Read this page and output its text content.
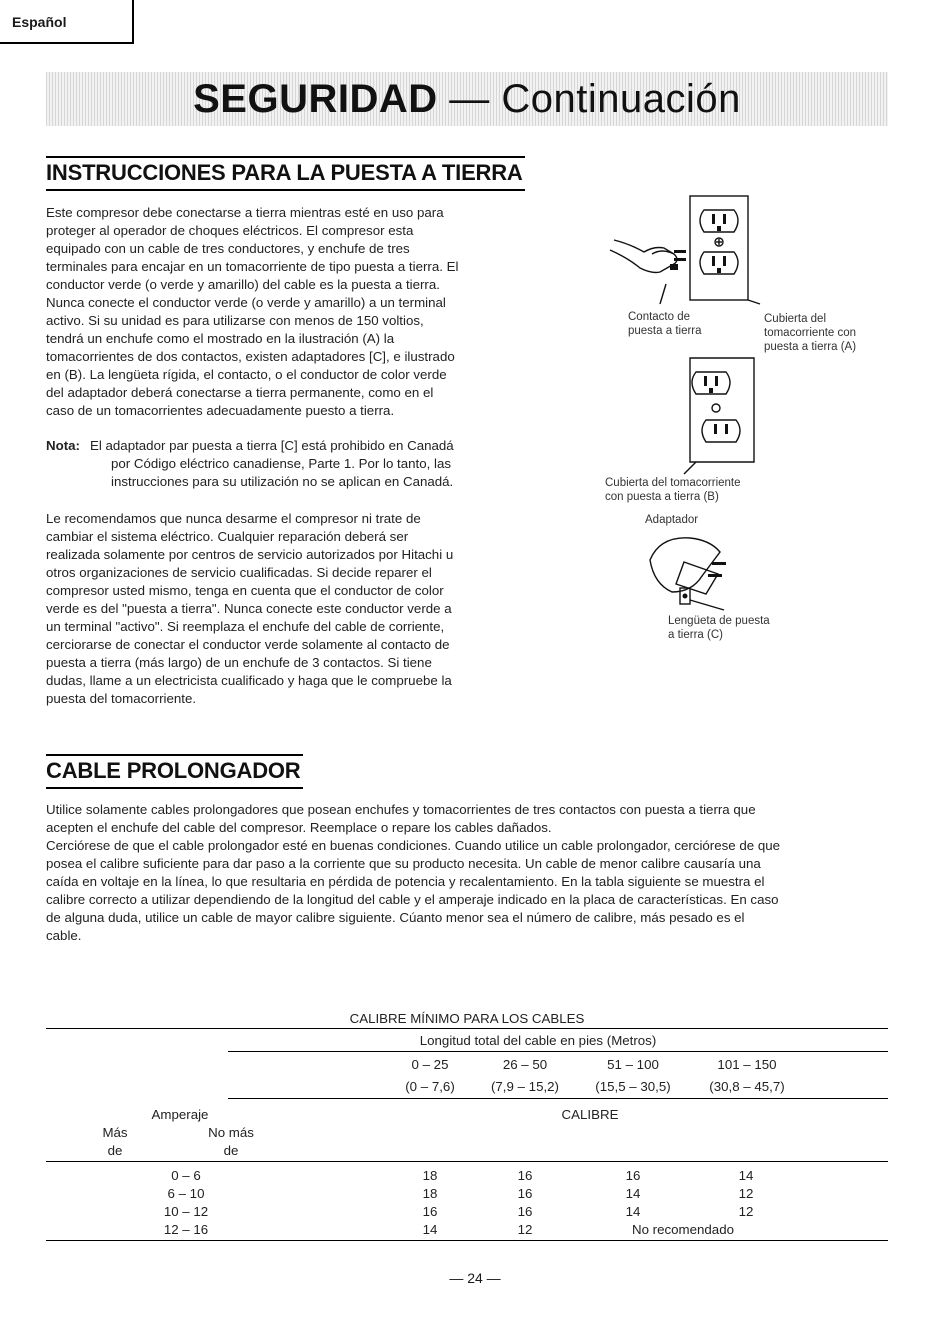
Español
SEGURIDAD — Continuación
INSTRUCCIONES PARA LA PUESTA A TIERRA
Este compresor debe conectarse a tierra mientras esté en uso para
proteger al operador de choques eléctricos. El compresor esta
equipado con un cable de tres conductores, y enchufe de tres
terminales para encajar en un tomacorriente de tipo puesta a tierra. El
conductor verde (o verde y amarillo) del cable es la puesta a tierra.
Nunca conecte el conductor verde (o verde y amarillo) a un terminal
activo. Si su unidad es para utilizarse con menos de 150 voltios,
tendrá un enchufe como el mostrado en la ilustración (A) la
tomacorrientes de dos contactos, existen adaptadores [C], e ilustrado
en (B). La lengüeta rígida, el contacto, o el conductor de color verde
del adaptador deberá conectarse a tierra permanente, como en el
caso de un tomacorrientes adecuadamente puesto a tierra.
Nota: El adaptador par puesta a tierra [C] está prohibido en Canadá
por Código eléctrico canadiense, Parte 1. Por lo tanto, las
instrucciones para su utilización no se aplican en Canadá.
Le recomendamos que nunca desarme el compresor ni trate de
cambiar el sistema eléctrico. Cualquier reparación deberá ser
realizada solamente por centros de servicio autorizados por Hitachi u
otros organizaciones de servicio cualificadas. Si decide reparer el
compresor usted mismo, tenga en cuenta que el conductor de color
verde es del "puesta a tierra". Nunca conecte este conductor verde a
un terminal "activo". Si reemplaza el enchufe del cable de corriente,
cerciorarse de conectar el conductor verde solamente al contacto de
puesta a tierra (más largo) de un enchufe de 3 contactos. Si tiene
dudas, llame a un electricista cualificado y haga que le compruebe la
puesta del tomacorriente.
Contacto de
puesta a tierra
Cubierta del
tomacorriente con
puesta a tierra (A)
Cubierta del tomacorriente
con puesta a tierra (B)
Adaptador
Lengüeta de puesta
a tierra (C)
CABLE PROLONGADOR
Utilice solamente cables prolongadores que posean enchufes y tomacorrientes de tres contactos con puesta a tierra que
acepten el enchufe del cable del compresor. Reemplace o repare los cables dañados.
Cerciórese de que el cable prolongador esté en buenas condiciones. Cuando utilice un cable prolongador, cerciórese de que
posea el calibre suficiente para dar paso a la corriente que su producto necesita. Un cable de menor calibre causaría una
caída en voltaje en la línea, lo que resultaria en pérdida de potencia y recalentamiento. En la tabla siguiente se muestra el
calibre correcto a utilizar dependiendo de la longitud del cable y el amperaje indicado en la placa de características. En caso
de alguna duda, utilice un cable de mayor calibre siguiente. Cúanto menor sea el número de calibre, más pesado es el
cable.
CALIBRE MÍNIMO PARA LOS CABLES
Longitud total del cable en pies (Metros)
0 – 25	26 – 50	51 – 100	101 – 150
(0 – 7,6)	(7,9 – 15,2)	(15,5 – 30,5)	(30,8 – 45,7)
Amperaje	CALIBRE
Más
de
No más
de
0 – 6	18	16	16	14
6 – 10	18	16	14	12
10 – 12	16	16	14	12
12 – 16	14	12	No recomendado
— 24 —
